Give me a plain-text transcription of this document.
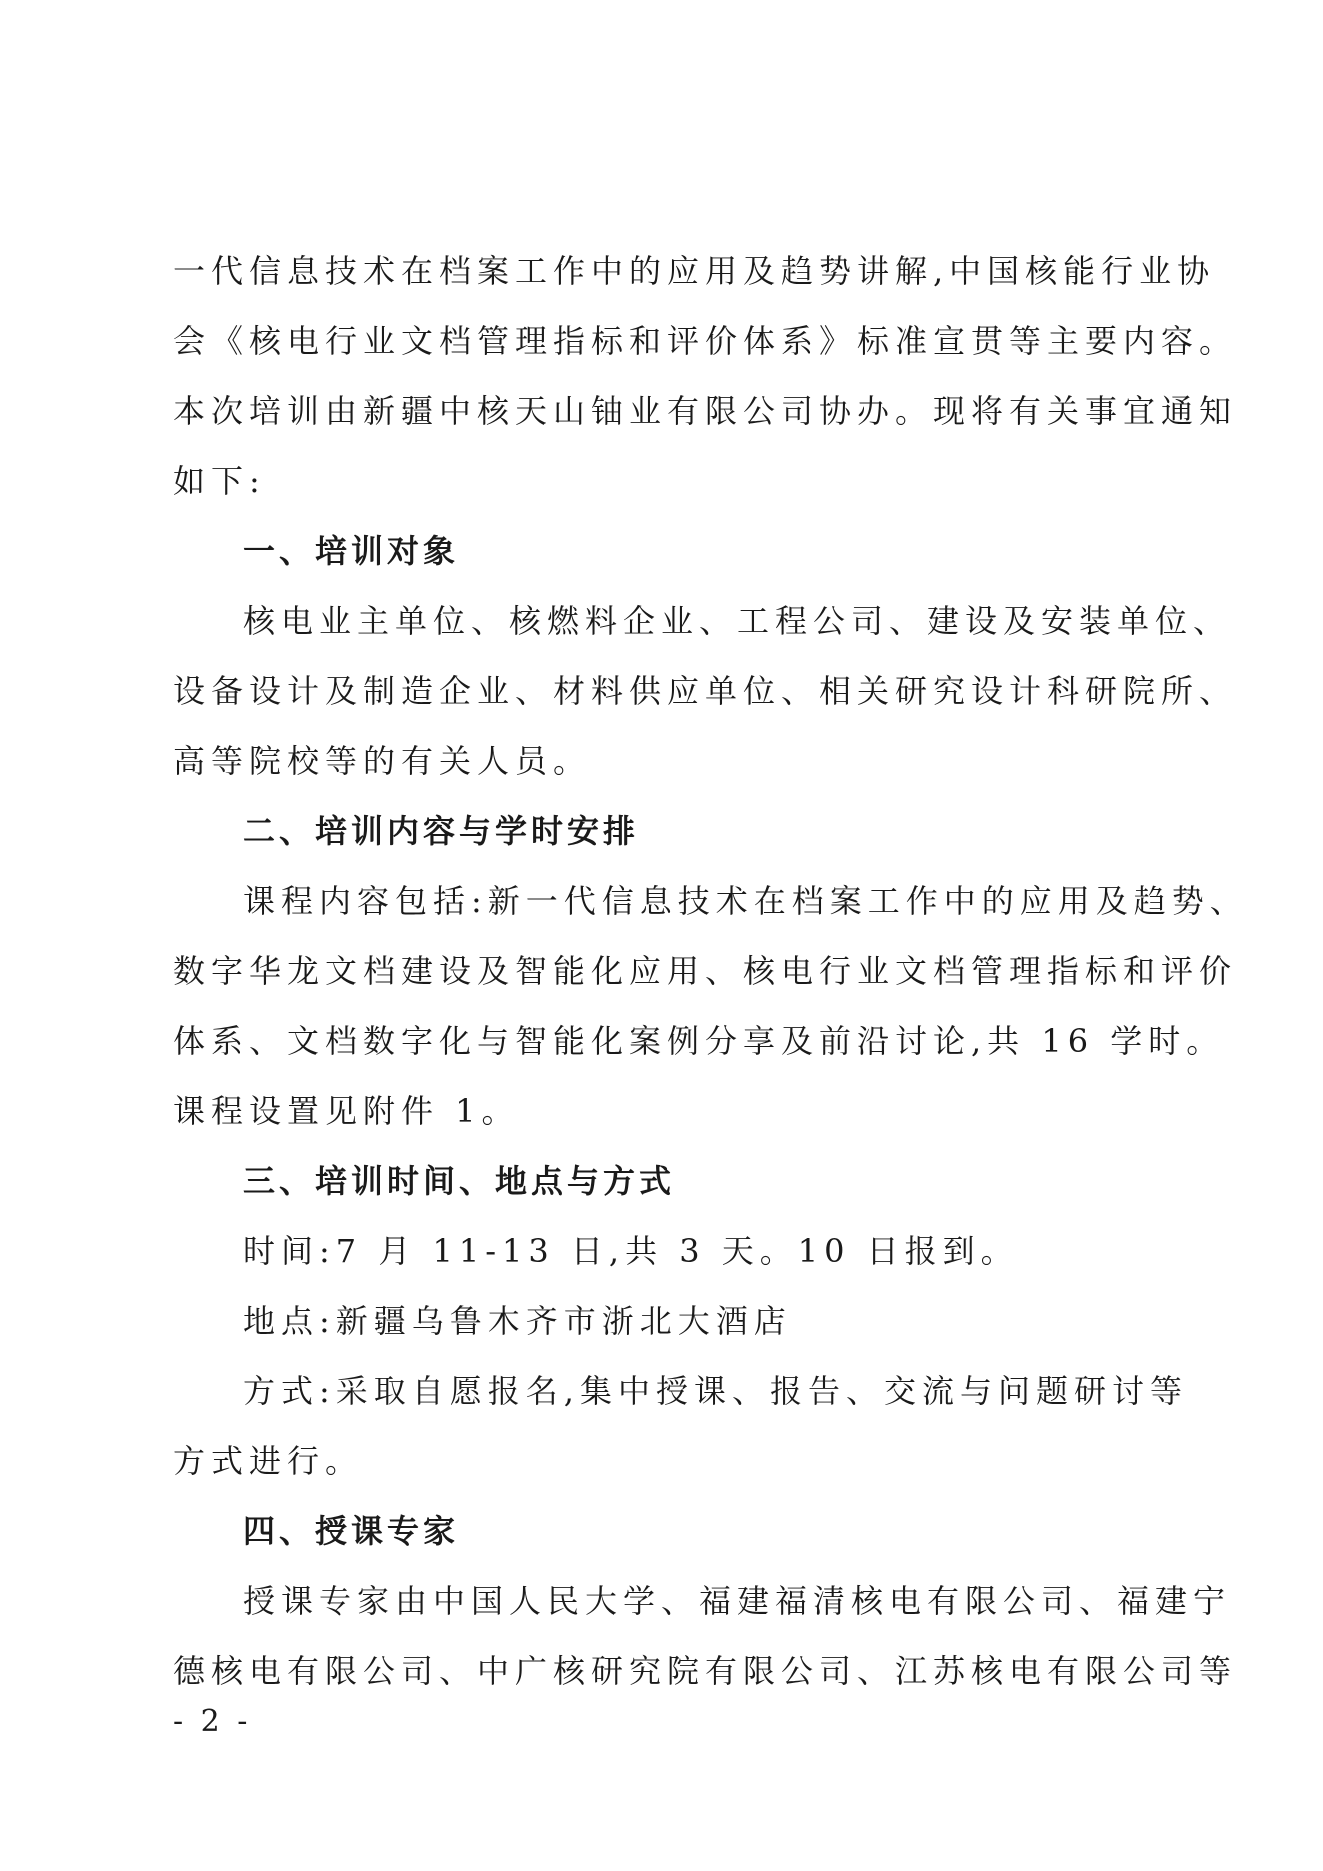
一代信息技术在档案工作中的应用及趋势讲解,中国核能行业协
会《核电行业文档管理指标和评价体系》标准宣贯等主要内容。
本次培训由新疆中核天山铀业有限公司协办。现将有关事宜通知
如下:
一、培训对象
核电业主单位、核燃料企业、工程公司、建设及安装单位、
设备设计及制造企业、材料供应单位、相关研究设计科研院所、
高等院校等的有关人员。
二、培训内容与学时安排
课程内容包括:新一代信息技术在档案工作中的应用及趋势、
数字华龙文档建设及智能化应用、核电行业文档管理指标和评价
体系、文档数字化与智能化案例分享及前沿讨论,共 16 学时。
课程设置见附件 1。
三、培训时间、地点与方式
时间:7 月 11-13 日,共 3 天。10 日报到。
地点:新疆乌鲁木齐市浙北大酒店
方式:采取自愿报名,集中授课、报告、交流与问题研讨等
方式进行。
四、授课专家
授课专家由中国人民大学、福建福清核电有限公司、福建宁
德核电有限公司、中广核研究院有限公司、江苏核电有限公司等
- 2 -
